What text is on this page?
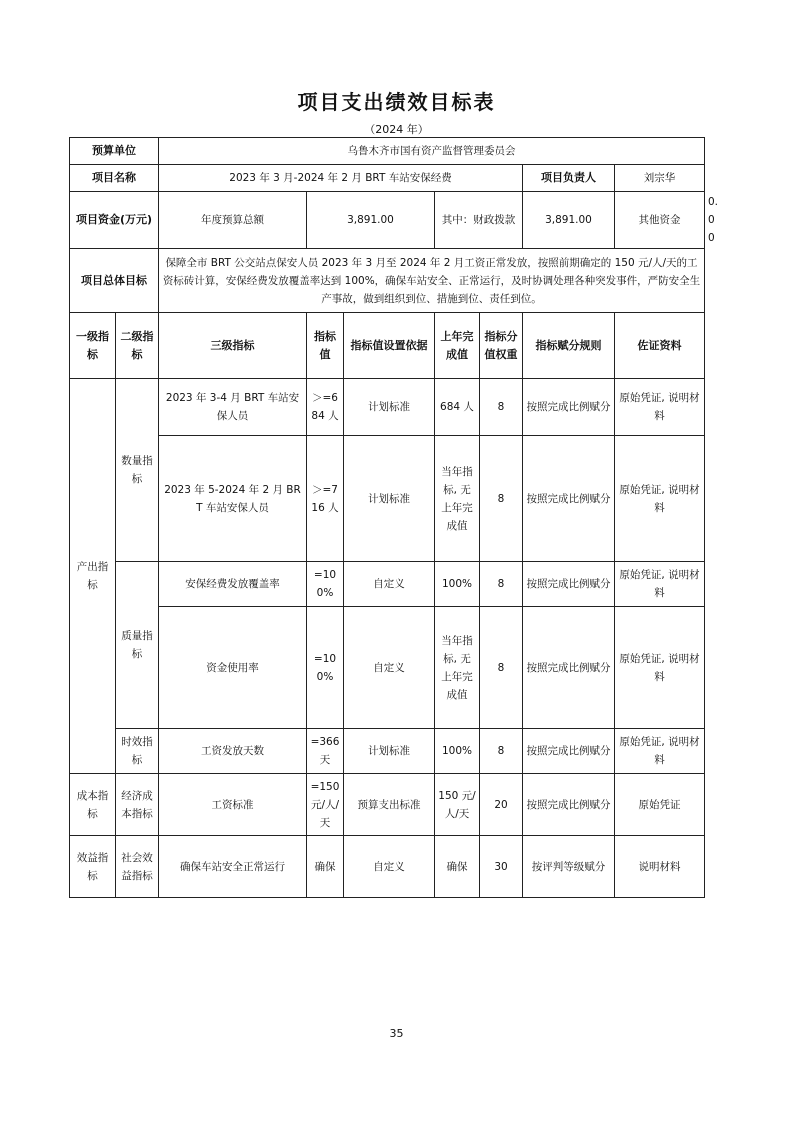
项目支出绩效目标表
（2024 年）
预算单位		乌鲁木齐市国有资产监督管理委员会							
项目名称		2023 年 3 月-2024 年 2 月 BRT 车站安保经费					项目负责人	刘宗华	
项目资金(万元)		年度预算总额	3,891.00		其中：财政拨款		3,891.00	其他资金	0.00
项目总体目标		保障全市 BRT 公交站点保安人员 2023 年 3 月至 2024 年 2 月工资正常发放，按照前期确定的 150 元/人/天的工资标砖计算，安保经费发放覆盖率达到 100%，确保车站安全、正常运行，及时协调处理各种突发事件，严防安全生产事故，做到组织到位、措施到位、责任到位。							
一级指标	二级指标	三级指标	指标值	指标值设置依据	上年完成值	指标分值权重	指标赋分规则	佐证资料	
产出指标	数量指标	2023 年 3-4 月 BRT 车站安保人员	＞=684 人	计划标准	684 人	8	按照完成比例赋分	原始凭证, 说明材料	
		2023 年 5-2024 年 2 月 BRT 车站安保人员	＞=716 人	计划标准	当年指标, 无上年完成值	8	按照完成比例赋分	原始凭证, 说明材料	
	质量指标	安保经费发放覆盖率	=100%	自定义	100%	8	按照完成比例赋分	原始凭证, 说明材料	
		资金使用率	=100%	自定义	当年指标, 无上年完成值	8	按照完成比例赋分	原始凭证, 说明材料	
	时效指标	工资发放天数	=366 天	计划标准	100%	8	按照完成比例赋分	原始凭证, 说明材料	
成本指标	经济成本指标	工资标准	=150 元/人/天	预算支出标准	150 元/人/天	20	按照完成比例赋分	原始凭证	
效益指标	社会效益指标	确保车站安全正常运行	确保	自定义	确保	30	按评判等级赋分	说明材料	
35
